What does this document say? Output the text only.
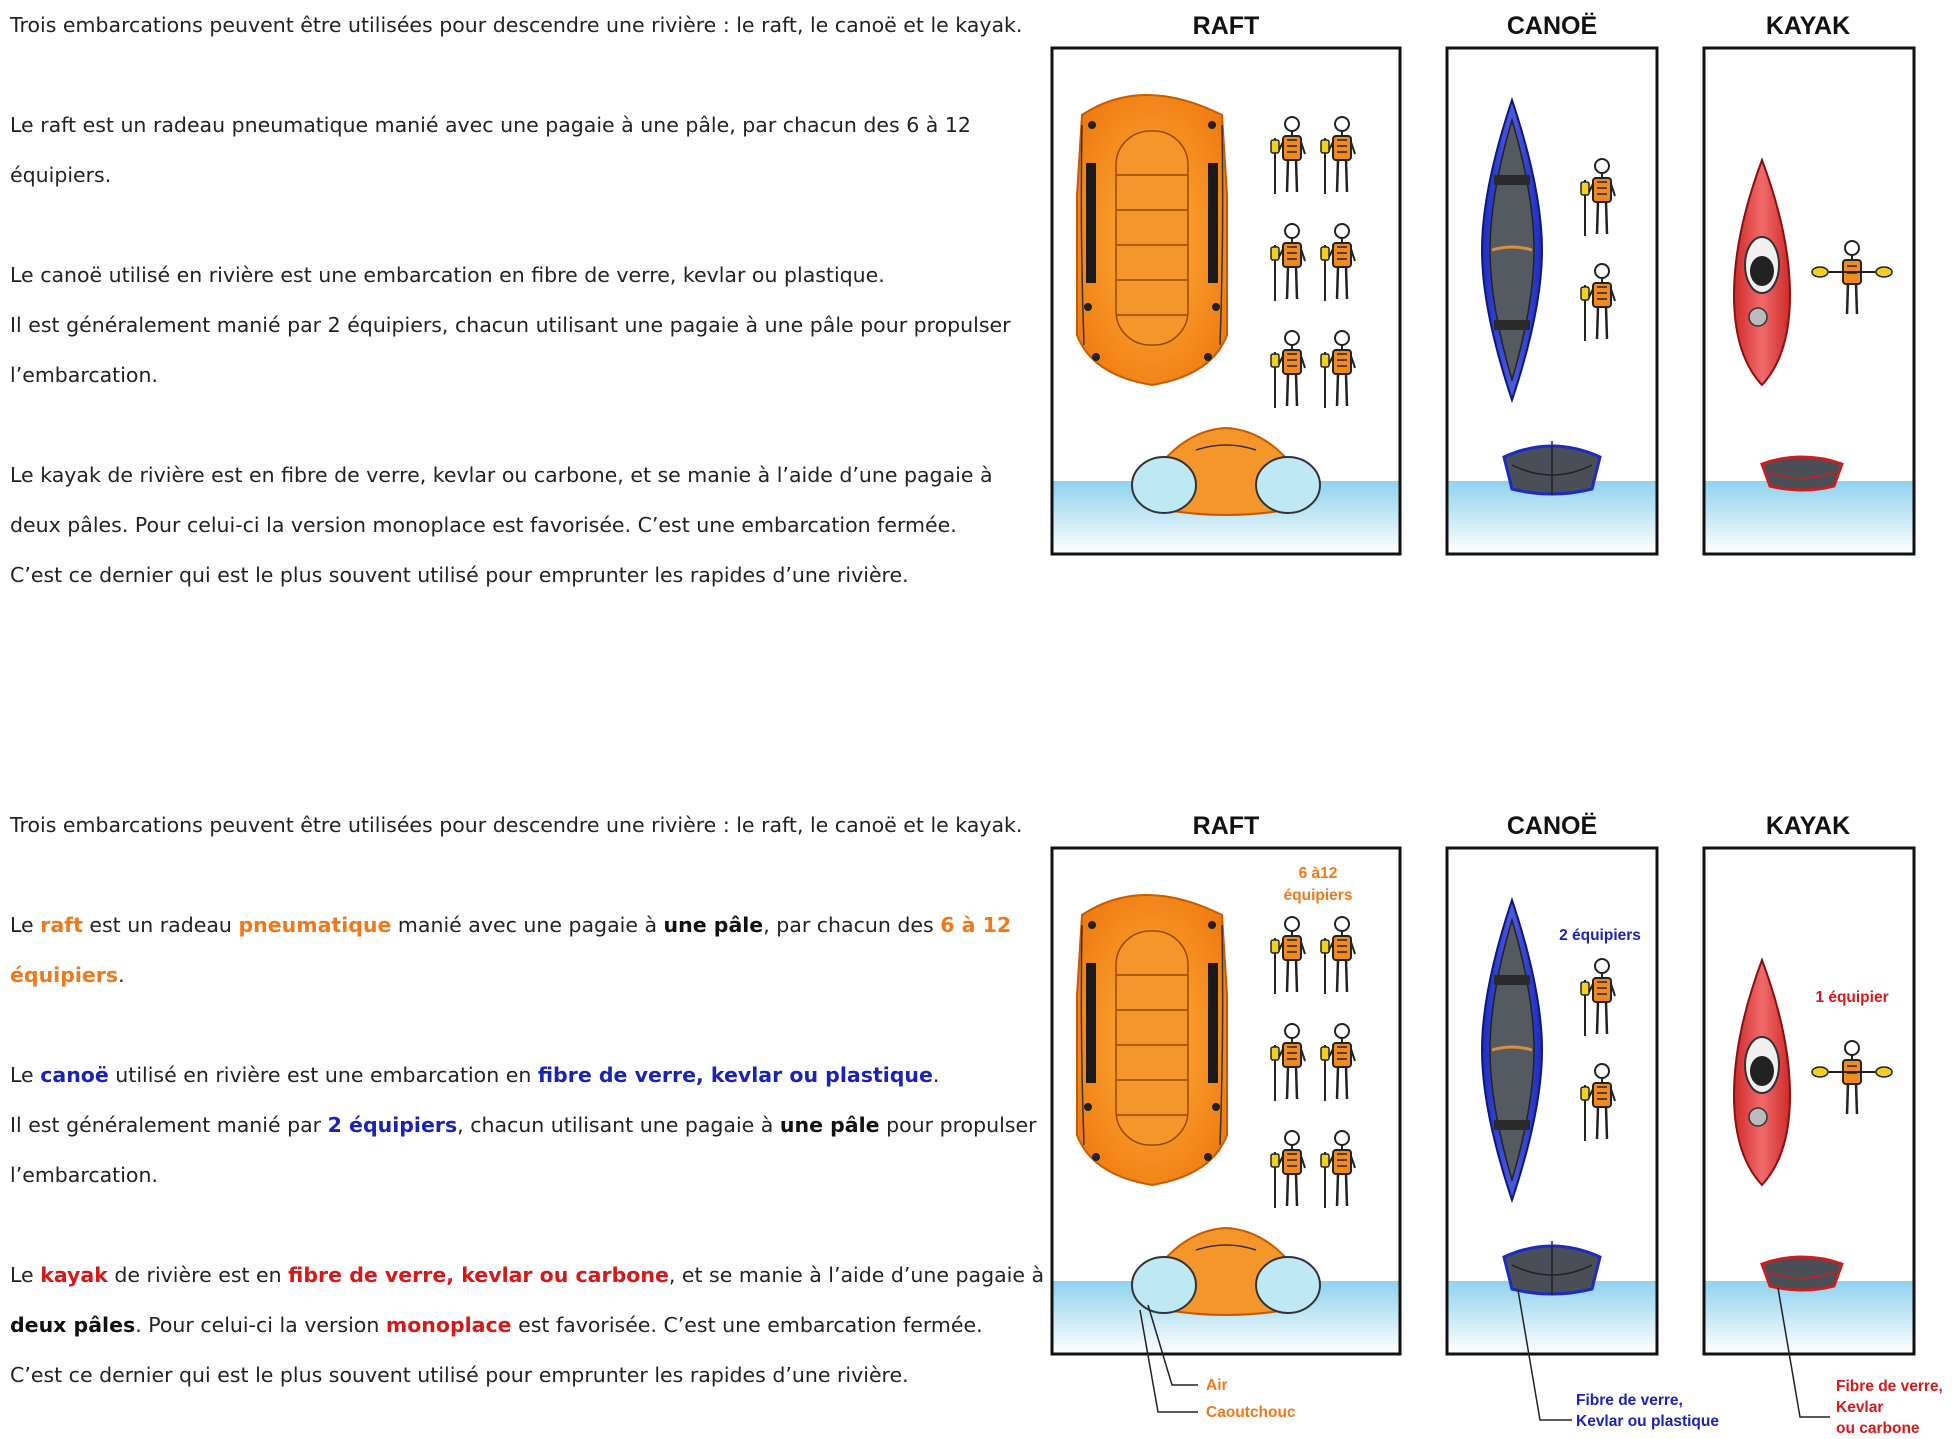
Trois embarcations peuvent être utilisées pour descendre une rivière : le raft, le canoë et le kayak.

Le raft est un radeau pneumatique manié avec une pagaie à une pâle, par chacun des 6 à 12

équipiers.

Le canoë utilisé en rivière est une embarcation en fibre de verre, kevlar ou plastique.

Il est généralement manié par 2 équipiers, chacun utilisant une pagaie à une pâle pour propulser

l’embarcation.

Le kayak de rivière est en fibre de verre, kevlar ou carbone, et se manie à l’aide d’une pagaie à

deux pâles. Pour celui-ci la version monoplace est favorisée. C’est une embarcation fermée.

C’est ce dernier qui est le plus souvent utilisé pour emprunter les rapides d’une rivière.

Trois embarcations peuvent être utilisées pour descendre une rivière : le raft, le canoë et le kayak.

Le raft est un radeau pneumatique manié avec une pagaie à une pâle, par chacun des 6 à 12

équipiers.

Le canoë utilisé en rivière est une embarcation en fibre de verre, kevlar ou plastique.

Il est généralement manié par 2 équipiers, chacun utilisant une pagaie à une pâle pour propulser

l’embarcation.

Le kayak de rivière est en fibre de verre, kevlar ou carbone, et se manie à l’aide d’une pagaie à

deux pâles. Pour celui-ci la version monoplace est favorisée. C’est une embarcation fermée.

C’est ce dernier qui est le plus souvent utilisé pour emprunter les rapides d’une rivière.

RAFT	CANOË	KAYAK
RAFT	CANOË	KAYAK
6 à12
équipiers
Air
Caoutchouc
2 équipiers
Fibre de verre,
Kevlar ou plastique
1 équipier
Fibre de verre,
Kevlar
ou carbone
